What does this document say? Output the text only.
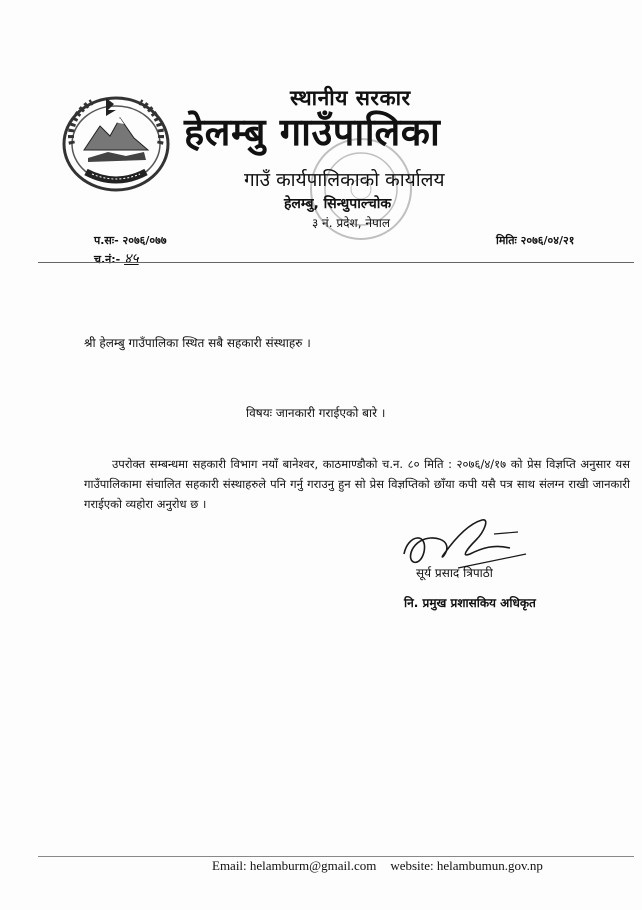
स्थानीय सरकार
हेलम्बु गाउँपालिका
गाउँ कार्यपालिकाको कार्यालय
हेलम्बु, सिन्धुपाल्चोक
३ नं. प्रदेश, नेपाल
प.सः- २०७६/०७७
च.नं:- ४५
मितिः २०७६/०४/२१
श्री हेलम्बु गाउँपालिका स्थित सबै सहकारी संस्थाहरु ।
विषयः जानकारी गराईएको बारे ।
उपरोक्त सम्बन्धमा सहकारी विभाग नयाँ बानेश्वर, काठमाण्डौको च.न. ८० मिति : २०७६/४/१७ को प्रेस विज्ञप्ति अनुसार यस गाउँपालिकामा संचालित सहकारी संस्थाहरुले पनि गर्नु गराउनु हुन सो प्रेस विज्ञप्तिको छाँया कपी यसै पत्र साथ संलग्न राखी जानकारी गराईएको व्यहोरा अनुरोध छ ।
सूर्य प्रसाद त्रिपाठी
नि. प्रमुख प्रशासकिय अधिकृत
Email: helamburm@gmail.com website: helambumun.gov.np
